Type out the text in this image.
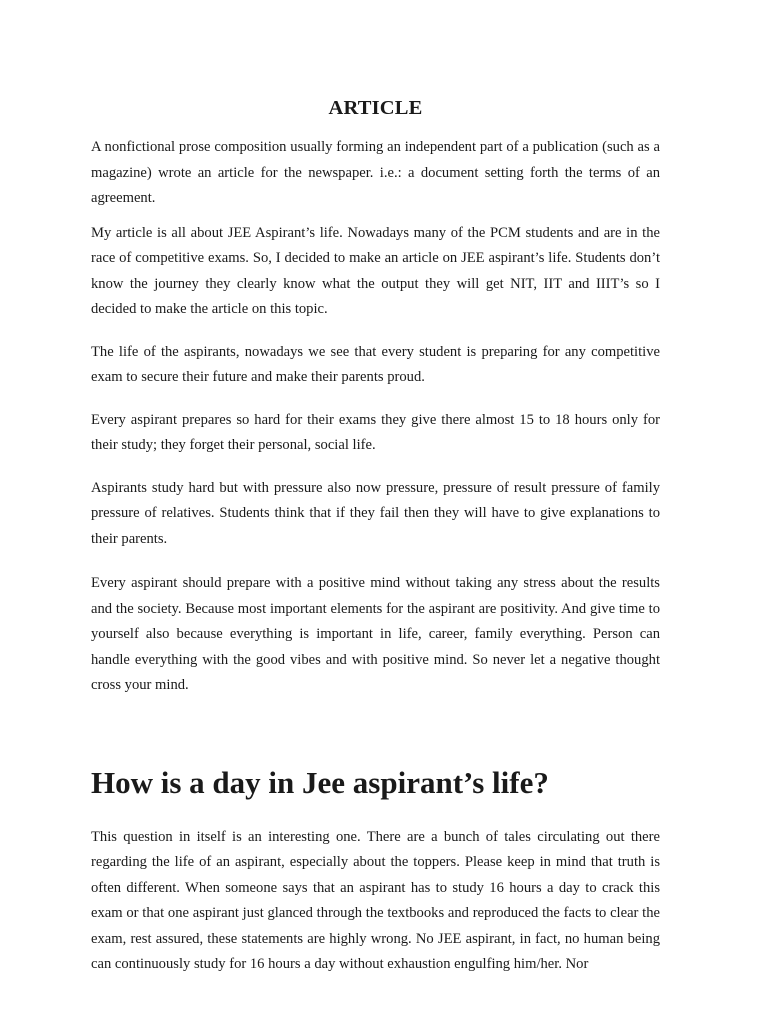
ARTICLE

A nonfictional prose composition usually forming an independent part of a publication (such as a magazine) wrote an article for the newspaper. i.e.: a document setting forth the terms of an agreement.

My article is all about JEE Aspirant’s life. Nowadays many of the PCM students and are in the race of competitive exams. So, I decided to make an article on JEE aspirant’s life. Students don’t know the journey they clearly know what the output they will get NIT, IIT and IIIT’s so I decided to make the article on this topic.

The life of the aspirants, nowadays we see that every student is preparing for any competitive exam to secure their future and make their parents proud.

Every aspirant prepares so hard for their exams they give there almost 15 to 18 hours only for their study; they forget their personal, social life.

Aspirants study hard but with pressure also now pressure, pressure of result pressure of family pressure of relatives. Students think that if they fail then they will have to give explanations to their parents.

Every aspirant should prepare with a positive mind without taking any stress about the results and the society. Because most important elements for the aspirant are positivity. And give time to yourself also because everything is important in life, career, family everything. Person can handle everything with the good vibes and with positive mind. So never let a negative thought cross your mind.

How is a day in Jee aspirant’s life?

This question in itself is an interesting one. There are a bunch of tales circulating out there regarding the life of an aspirant, especially about the toppers. Please keep in mind that truth is often different. When someone says that an aspirant has to study 16 hours a day to crack this exam or that one aspirant just glanced through the textbooks and reproduced the facts to clear the exam, rest assured, these statements are highly wrong. No JEE aspirant, in fact, no human being can continuously study for 16 hours a day without exhaustion engulfing him/her. Nor
